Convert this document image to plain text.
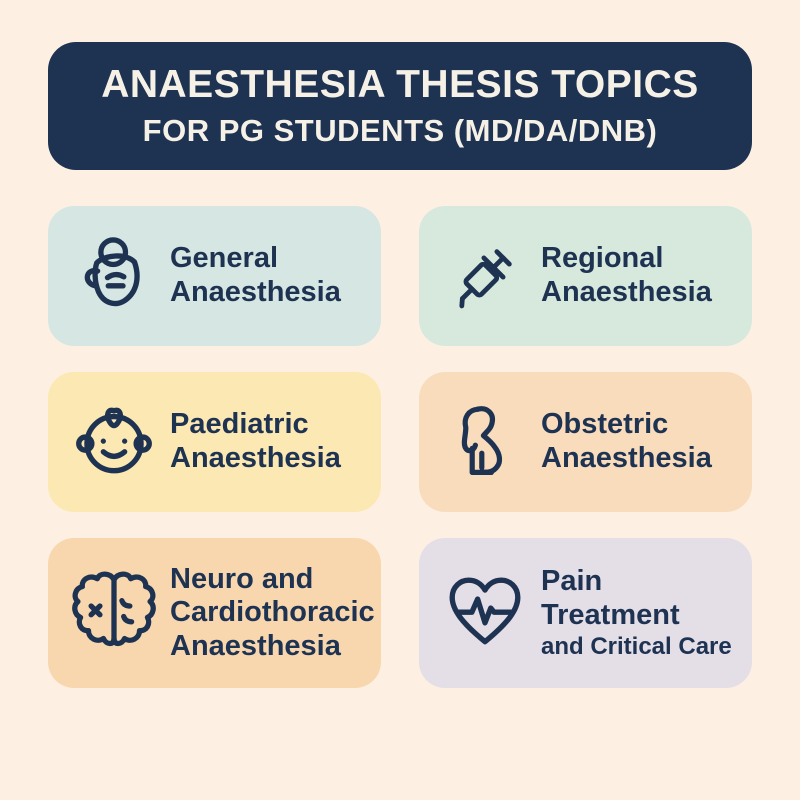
ANAESTHESIA THESIS TOPICS
FOR PG STUDENTS (MD/DA/DNB)
General
Anaesthesia
Regional
Anaesthesia
Paediatric
Anaesthesia
Obstetric
Anaesthesia
Neuro and
Cardiothoracic
Anaesthesia
Pain
Treatment
and Critical Care
